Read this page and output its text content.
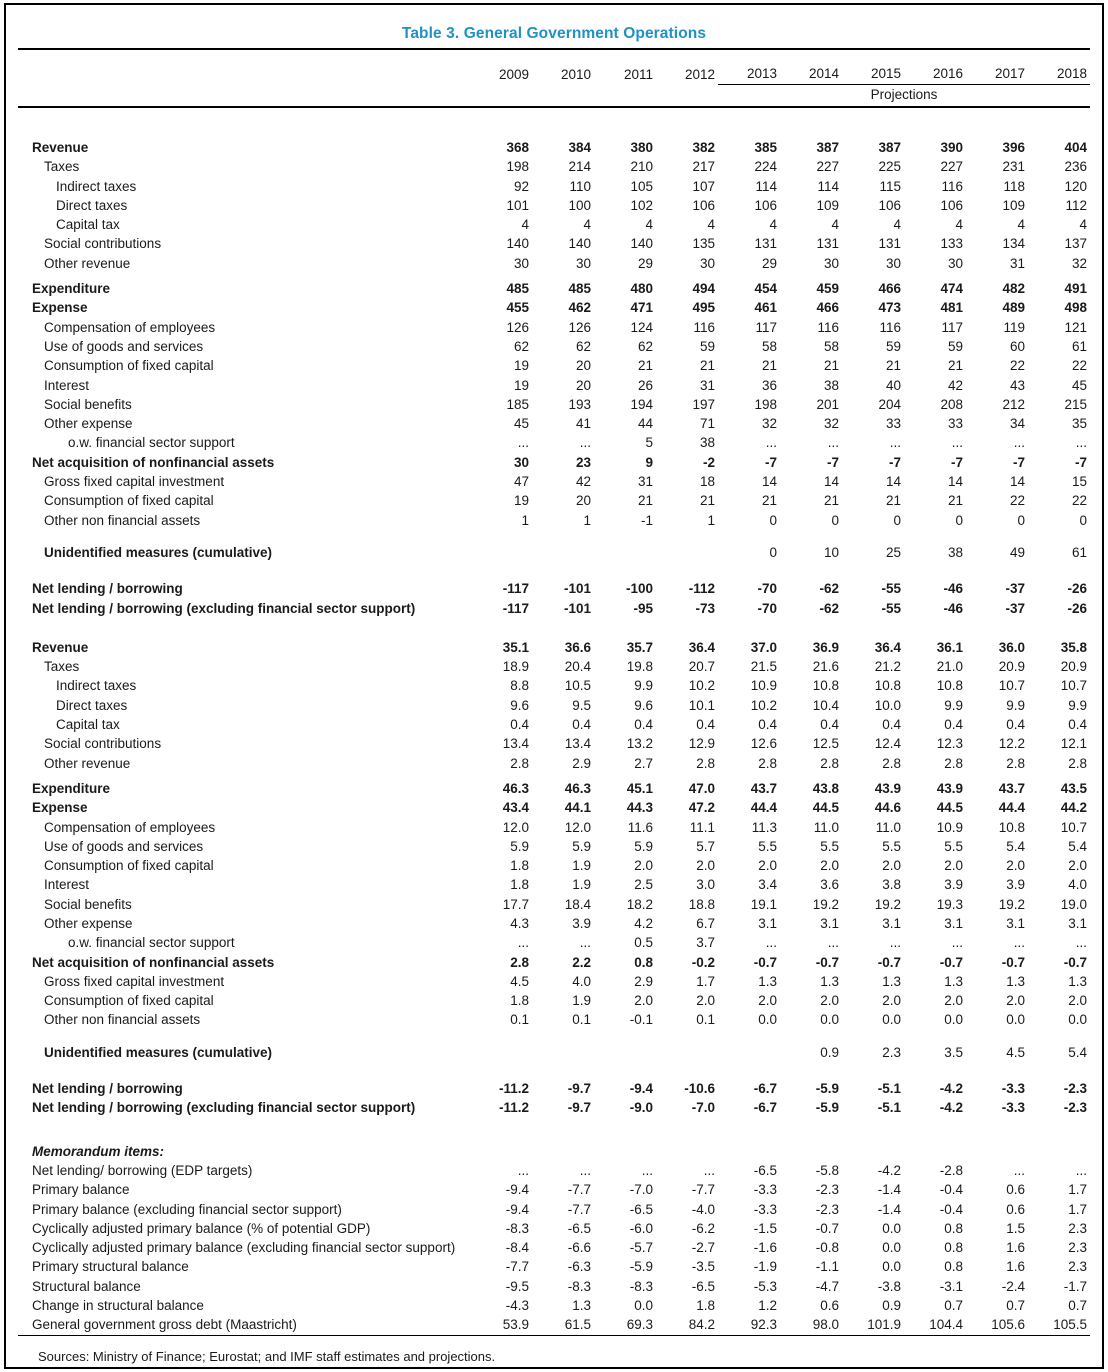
Table 3. General Government Operations
	2009	2010	2011	2012	2013	2014	2015	2016	2017	2018
					Projections					

Revenue	368	384	380	382	385	387	387	390	396	404
Taxes	198	214	210	217	224	227	225	227	231	236
Indirect taxes	92	110	105	107	114	114	115	116	118	120
Direct taxes	101	100	102	106	106	109	106	106	109	112
Capital tax	4	4	4	4	4	4	4	4	4	4
Social contributions	140	140	140	135	131	131	131	133	134	137
Other revenue	30	30	29	30	29	30	30	30	31	32

Expenditure	485	485	480	494	454	459	466	474	482	491
Expense	455	462	471	495	461	466	473	481	489	498
Compensation of employees	126	126	124	116	117	116	116	117	119	121
Use of goods and services	62	62	62	59	58	58	59	59	60	61
Consumption of fixed capital	19	20	21	21	21	21	21	21	22	22
Interest	19	20	26	31	36	38	40	42	43	45
Social benefits	185	193	194	197	198	201	204	208	212	215
Other expense	45	41	44	71	32	32	33	33	34	35
o.w. financial sector support	...	...	5	38	...	...	...	...	...	...
Net acquisition of nonfinancial assets	30	23	9	-2	-7	-7	-7	-7	-7	-7
Gross fixed capital investment	47	42	31	18	14	14	14	14	14	15
Consumption of fixed capital	19	20	21	21	21	21	21	21	22	22
Other non financial assets	1	1	-1	1	0	0	0	0	0	0

Unidentified measures (cumulative)					0	10	25	38	49	61

Net lending / borrowing	-117	-101	-100	-112	-70	-62	-55	-46	-37	-26
Net lending / borrowing (excluding financial sector support)	-117	-101	-95	-73	-70	-62	-55	-46	-37	-26

Revenue	35.1	36.6	35.7	36.4	37.0	36.9	36.4	36.1	36.0	35.8
Taxes	18.9	20.4	19.8	20.7	21.5	21.6	21.2	21.0	20.9	20.9
Indirect taxes	8.8	10.5	9.9	10.2	10.9	10.8	10.8	10.8	10.7	10.7
Direct taxes	9.6	9.5	9.6	10.1	10.2	10.4	10.0	9.9	9.9	9.9
Capital tax	0.4	0.4	0.4	0.4	0.4	0.4	0.4	0.4	0.4	0.4
Social contributions	13.4	13.4	13.2	12.9	12.6	12.5	12.4	12.3	12.2	12.1
Other revenue	2.8	2.9	2.7	2.8	2.8	2.8	2.8	2.8	2.8	2.8

Expenditure	46.3	46.3	45.1	47.0	43.7	43.8	43.9	43.9	43.7	43.5
Expense	43.4	44.1	44.3	47.2	44.4	44.5	44.6	44.5	44.4	44.2
Compensation of employees	12.0	12.0	11.6	11.1	11.3	11.0	11.0	10.9	10.8	10.7
Use of goods and services	5.9	5.9	5.9	5.7	5.5	5.5	5.5	5.5	5.4	5.4
Consumption of fixed capital	1.8	1.9	2.0	2.0	2.0	2.0	2.0	2.0	2.0	2.0
Interest	1.8	1.9	2.5	3.0	3.4	3.6	3.8	3.9	3.9	4.0
Social benefits	17.7	18.4	18.2	18.8	19.1	19.2	19.2	19.3	19.2	19.0
Other expense	4.3	3.9	4.2	6.7	3.1	3.1	3.1	3.1	3.1	3.1
o.w. financial sector support	...	...	0.5	3.7	...	...	...	...	...	...
Net acquisition of nonfinancial assets	2.8	2.2	0.8	-0.2	-0.7	-0.7	-0.7	-0.7	-0.7	-0.7
Gross fixed capital investment	4.5	4.0	2.9	1.7	1.3	1.3	1.3	1.3	1.3	1.3
Consumption of fixed capital	1.8	1.9	2.0	2.0	2.0	2.0	2.0	2.0	2.0	2.0
Other non financial assets	0.1	0.1	-0.1	0.1	0.0	0.0	0.0	0.0	0.0	0.0

Unidentified measures (cumulative)						0.9	2.3	3.5	4.5	5.4

Net lending / borrowing	-11.2	-9.7	-9.4	-10.6	-6.7	-5.9	-5.1	-4.2	-3.3	-2.3
Net lending / borrowing (excluding financial sector support)	-11.2	-9.7	-9.0	-7.0	-6.7	-5.9	-5.1	-4.2	-3.3	-2.3

Memorandum items:										
Net lending/ borrowing (EDP targets)	...	...	...	...	-6.5	-5.8	-4.2	-2.8	...	...
Primary balance	-9.4	-7.7	-7.0	-7.7	-3.3	-2.3	-1.4	-0.4	0.6	1.7
Primary balance (excluding financial sector support)	-9.4	-7.7	-6.5	-4.0	-3.3	-2.3	-1.4	-0.4	0.6	1.7
Cyclically adjusted primary balance (% of potential GDP)	-8.3	-6.5	-6.0	-6.2	-1.5	-0.7	0.0	0.8	1.5	2.3
Cyclically adjusted primary balance (excluding financial sector support)	-8.4	-6.6	-5.7	-2.7	-1.6	-0.8	0.0	0.8	1.6	2.3
Primary structural balance	-7.7	-6.3	-5.9	-3.5	-1.9	-1.1	0.0	0.8	1.6	2.3
Structural balance	-9.5	-8.3	-8.3	-6.5	-5.3	-4.7	-3.8	-3.1	-2.4	-1.7
Change in structural balance	-4.3	1.3	0.0	1.8	1.2	0.6	0.9	0.7	0.7	0.7
General government gross debt (Maastricht)	53.9	61.5	69.3	84.2	92.3	98.0	101.9	104.4	105.6	105.5
Sources: Ministry of Finance; Eurostat; and IMF staff estimates and projections.
